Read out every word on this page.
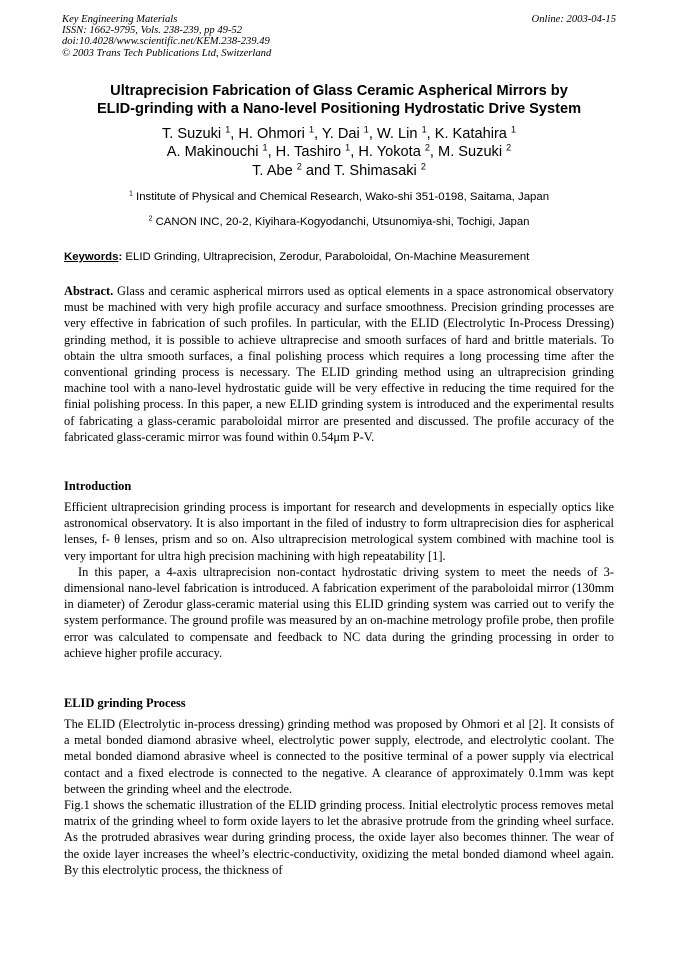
Key Engineering Materials
ISSN: 1662-9795, Vols. 238-239, pp 49-52
doi:10.4028/www.scientific.net/KEM.238-239.49
© 2003 Trans Tech Publications Ltd, Switzerland
Online: 2003-04-15
Ultraprecision Fabrication of Glass Ceramic Aspherical Mirrors by
ELID-grinding with a Nano-level Positioning Hydrostatic Drive System
T. Suzuki $^1$, H. Ohmori $^1$, Y. Dai $^1$, W. Lin $^1$, K. Katahira $^1$
A. Makinouchi $^1$, H. Tashiro $^1$, H. Yokota $^2$, M. Suzuki $^2$
T. Abe $^2$ and T. Shimasaki $^2$
$^1$ Institute of Physical and Chemical Research, Wako-shi 351-0198, Saitama, Japan
$^2$ CANON INC, 20-2, Kiyihara-Kogyodanchi, Utsunomiya-shi, Tochigi, Japan
Keywords: ELID Grinding, Ultraprecision, Zerodur, Paraboloidal, On-Machine Measurement

Abstract. Glass and ceramic aspherical mirrors used as optical elements in a space astronomical observatory must be machined with very high profile accuracy and surface smoothness. Precision grinding processes are very effective in fabrication of such profiles. In particular, with the ELID (Electrolytic In-Process Dressing) grinding method, it is possible to achieve ultraprecise and smooth surfaces of hard and brittle materials. To obtain the ultra smooth surfaces, a final polishing process which requires a long processing time after the conventional grinding process is necessary. The ELID grinding method using an ultraprecision grinding machine tool with a nano-level hydrostatic guide will be very effective in reducing the time required for the finial polishing process. In this paper, a new ELID grinding system is introduced and the experimental results of fabricating a glass-ceramic paraboloidal mirror are presented and discussed. The profile accuracy of the fabricated glass-ceramic mirror was found within 0.54μm P-V.

Introduction

Efficient ultraprecision grinding process is important for research and developments in especially optics like astronomical observatory. It is also important in the filed of industry to form ultraprecision dies for aspherical lenses, f- θ lenses, prism and so on. Also ultraprecision metrological system combined with machine tool is very important for ultra high precision machining with high repeatability [1].

In this paper, a 4-axis ultraprecision non-contact hydrostatic driving system to meet the needs of 3-dimensional nano-level fabrication is introduced. A fabrication experiment of the paraboloidal mirror (130mm in diameter) of Zerodur glass-ceramic material using this ELID grinding system was carried out to verify the system performance. The ground profile was measured by an on-machine metrology profile probe, then profile error was calculated to compensate and feedback to NC data during the grinding processing in order to achieve higher profile accuracy.

ELID grinding Process

The ELID (Electrolytic in-process dressing) grinding method was proposed by Ohmori et al [2]. It consists of a metal bonded diamond abrasive wheel, electrolytic power supply, electrode, and electrolytic coolant. The metal bonded diamond abrasive wheel is connected to the positive terminal of a power supply via electrical contact and a fixed electrode is connected to the negative. A clearance of approximately 0.1mm was kept between the grinding wheel and the electrode.

Fig.1 shows the schematic illustration of the ELID grinding process. Initial electrolytic process removes metal matrix of the grinding wheel to form oxide layers to let the abrasive protrude from the grinding wheel surface. As the protruded abrasives wear during grinding process, the oxide layer also becomes thinner. The wear of the oxide layer increases the wheel’s electric-conductivity, oxidizing the metal bonded diamond wheel again. By this electrolytic process, the thickness of
